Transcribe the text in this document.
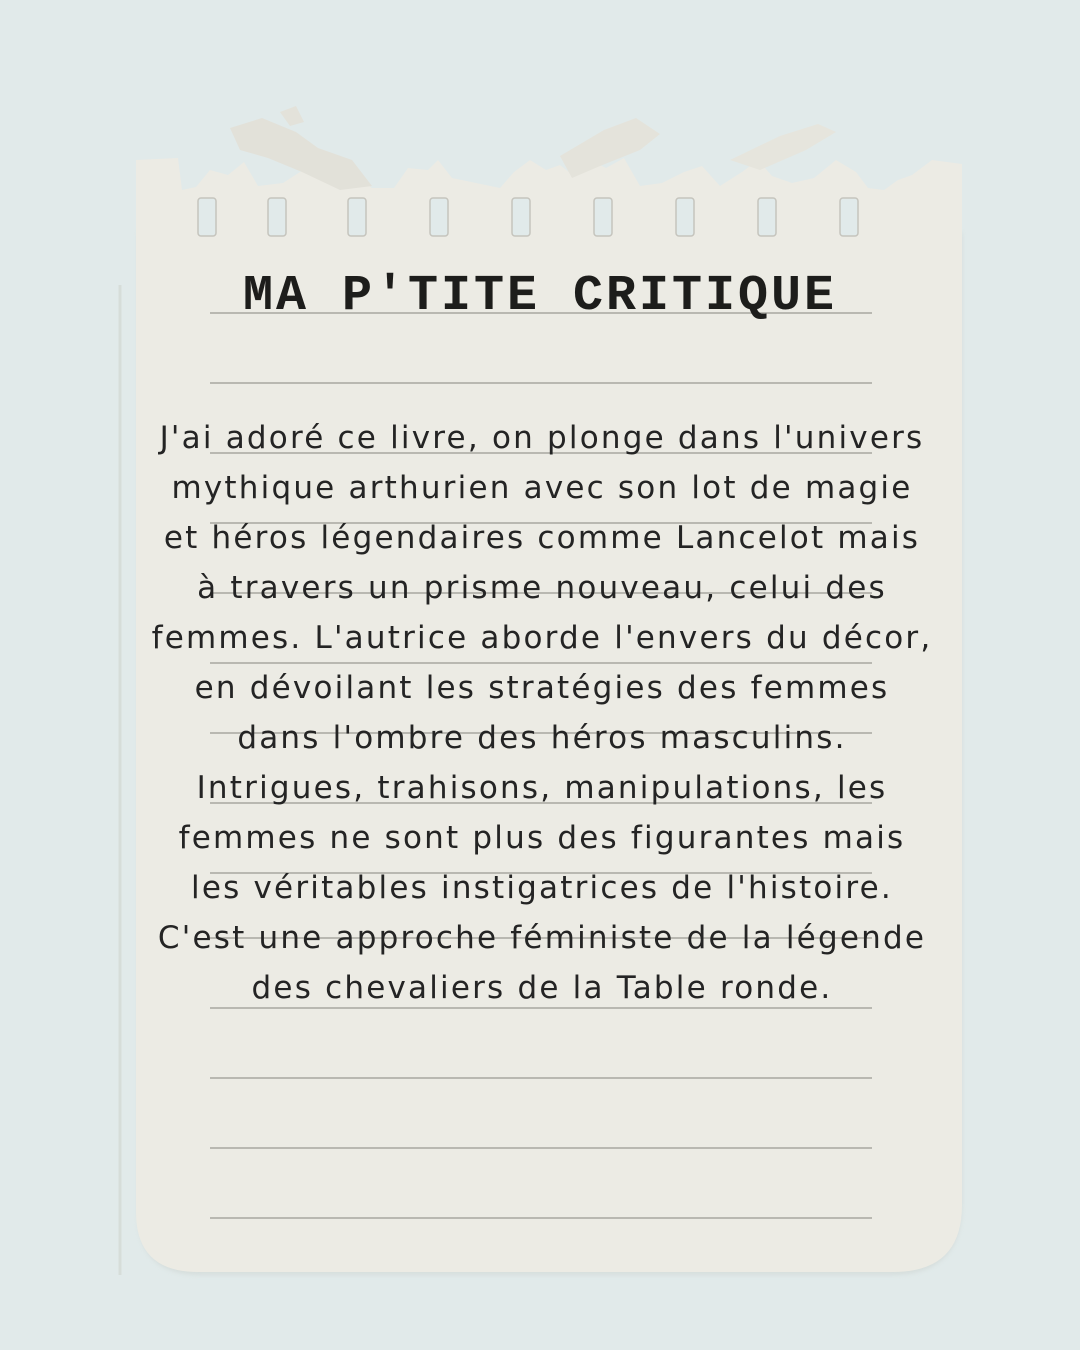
MA P'TITE CRITIQUE

J'ai adoré ce livre, on plonge dans l'univers mythique arthurien avec son lot de magie et héros légendaires comme Lancelot mais à travers un prisme nouveau, celui des femmes. L'autrice aborde l'envers du décor, en dévoilant les stratégies des femmes dans l'ombre des héros masculins. Intrigues, trahisons, manipulations, les femmes ne sont plus des figurantes mais les véritables instigatrices de l'histoire. C'est une approche féministe de la légende des chevaliers de la Table ronde.
